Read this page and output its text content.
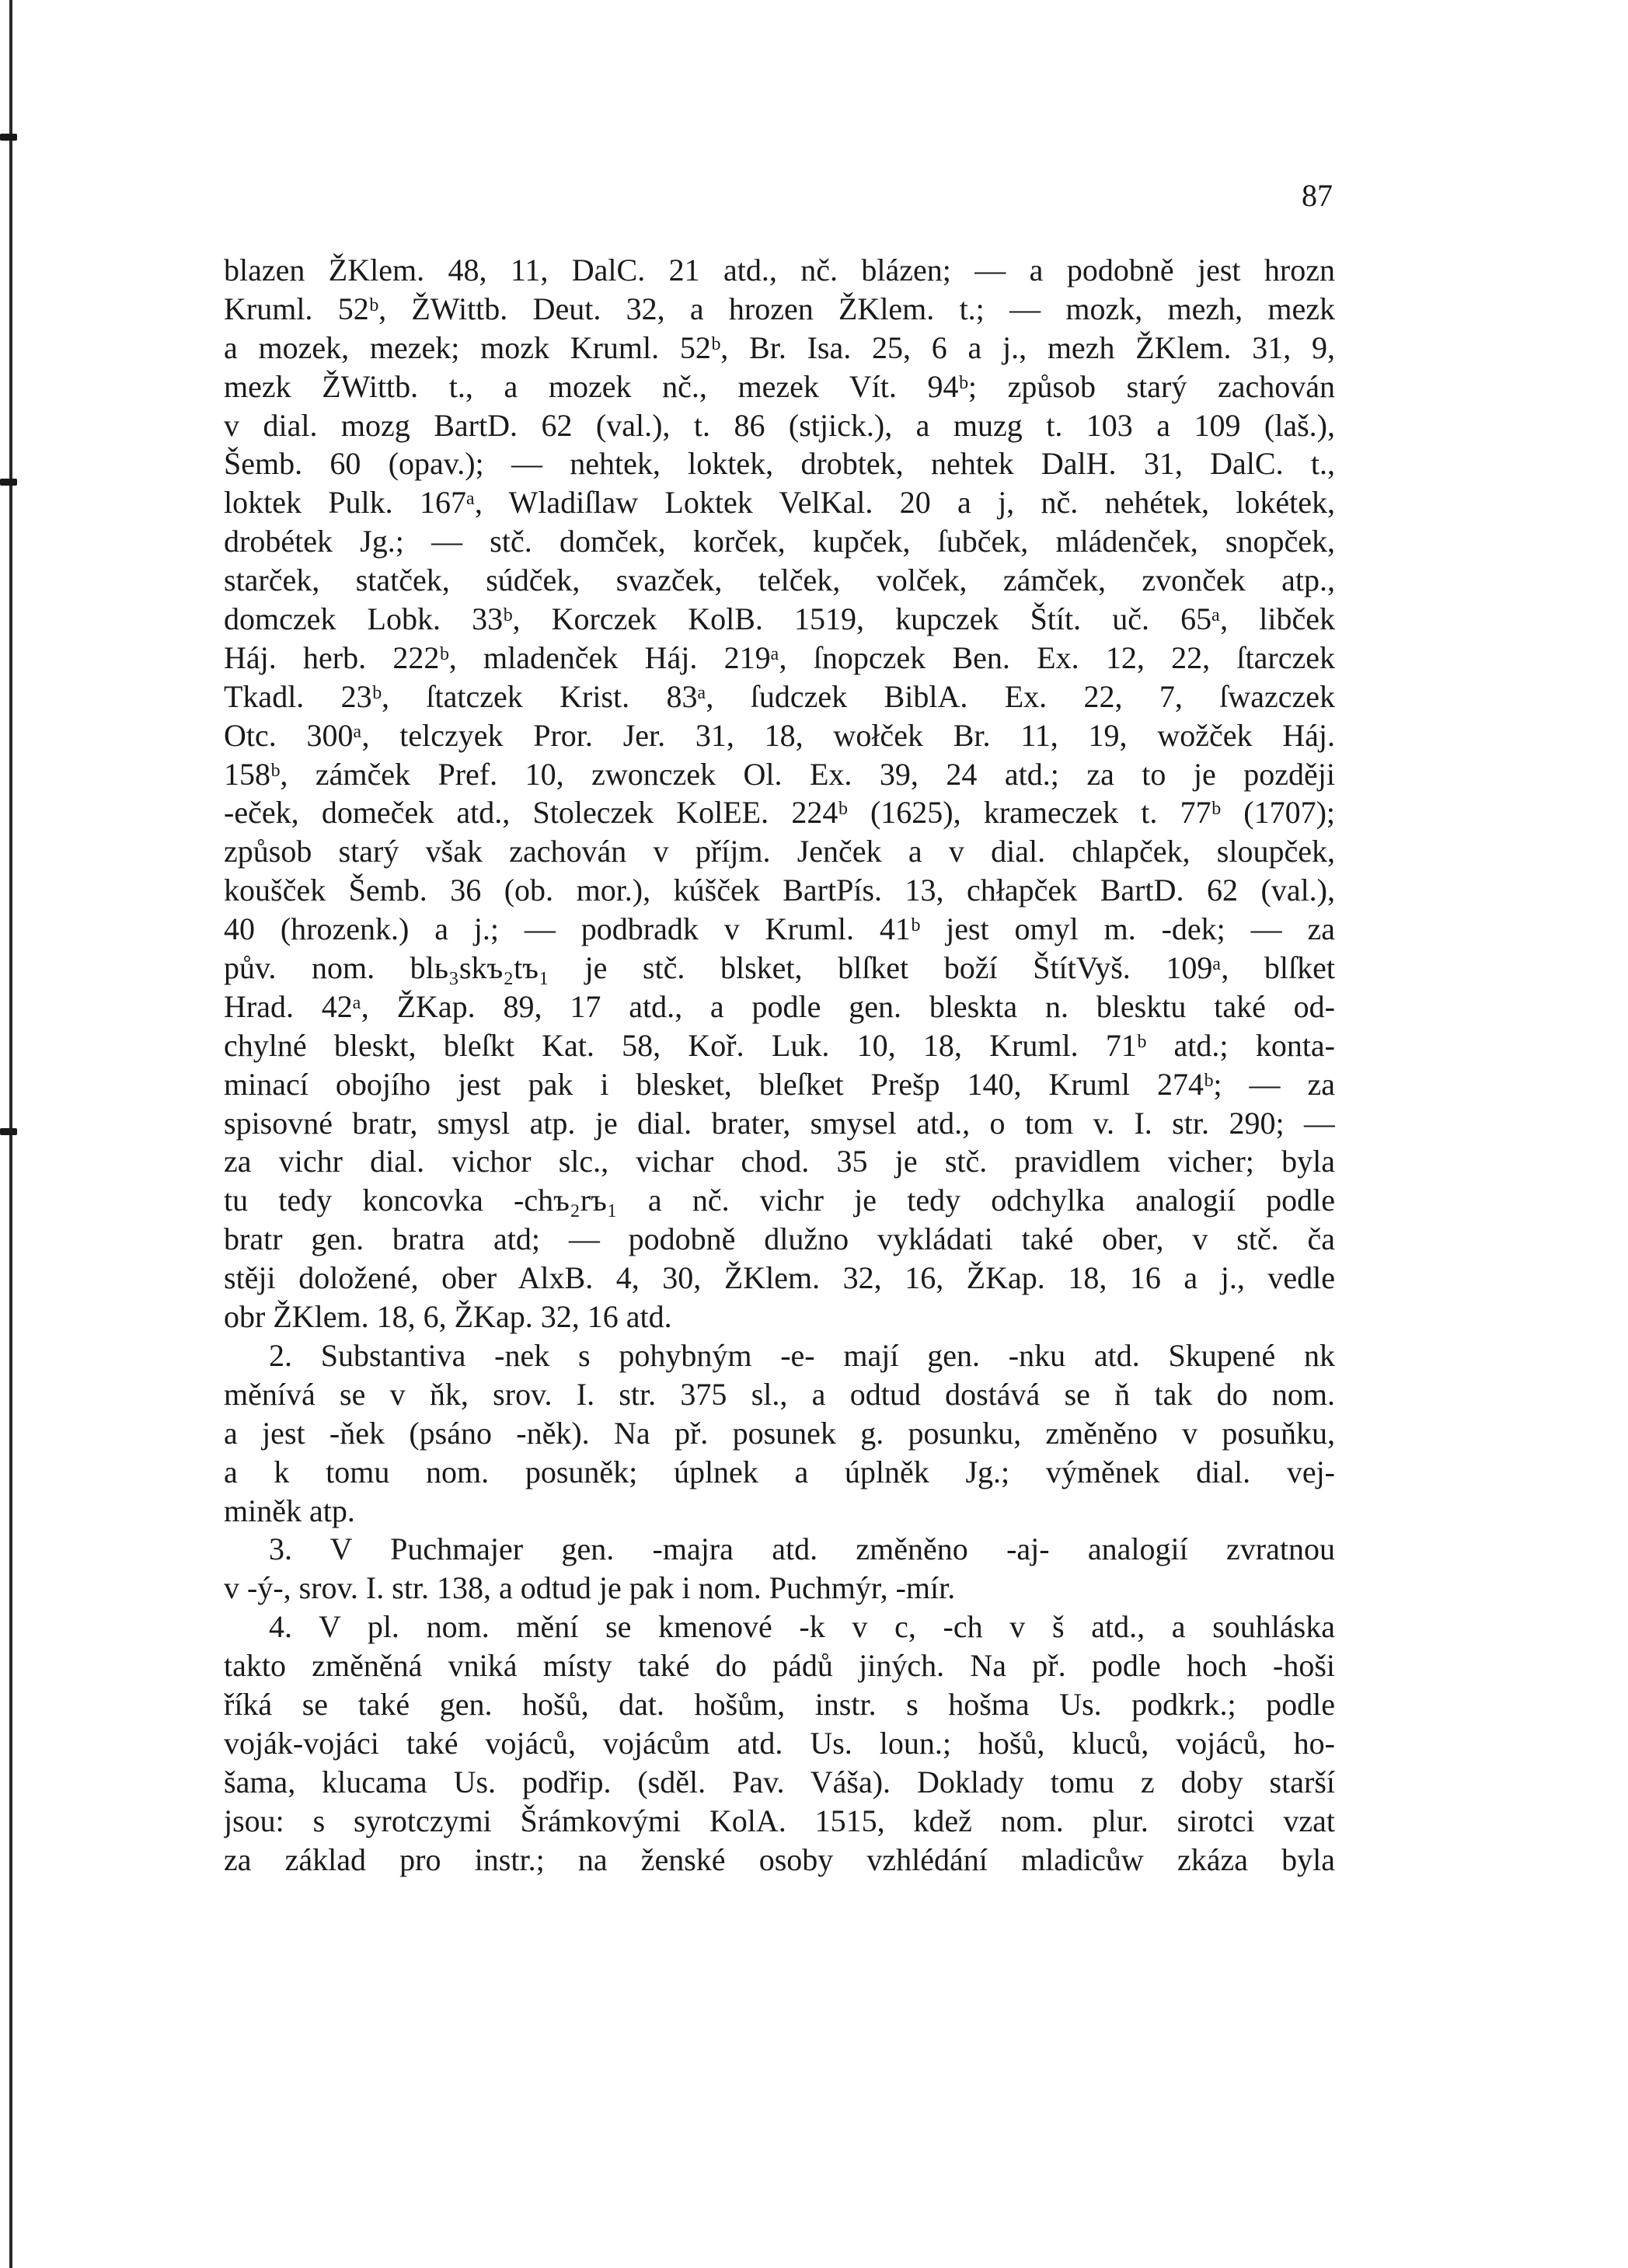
87
blazen ŽKlem. 48, 11, DalC. 21 atd., nč. blázen; — a podobně jest hrozn
Kruml. 52ᵇ, ŽWittb. Deut. 32, a hrozen ŽKlem. t.; — mozk, mezh, mezk
a mozek, mezek; mozk Kruml. 52ᵇ, Br. Isa. 25, 6 a j., mezh ŽKlem. 31, 9,
mezk ŽWittb. t., a mozek nč., mezek Vít. 94ᵇ; způsob starý zachován
v dial. mozg BartD. 62 (val.), t. 86 (stjick.), a muzg t. 103 a 109 (laš.),
Šemb. 60 (opav.); — nehtek, loktek, drobtek, nehtek DalH. 31, DalC. t.,
loktek Pulk. 167ᵃ, Wladiſlaw Loktek VelKal. 20 a j, nč. nehétek, lokétek,
drobétek Jg.; — stč. domček, korček, kupček, ſubček, mládenček, snopček,
starček, statček, súdček, svazček, telček, volček, zámček, zvonček atp.,
domczek Lobk. 33ᵇ, Korczek KolB. 1519, kupczek Štít. uč. 65ᵃ, libček
Háj. herb. 222ᵇ, mladenček Háj. 219ᵃ, ſnopczek Ben. Ex. 12, 22, ſtarczek
Tkadl. 23ᵇ, ſtatczek Krist. 83ᵃ, ſudczek BiblA. Ex. 22, 7, ſwazczek
Otc. 300ᵃ, telczyek Pror. Jer. 31, 18, wołček Br. 11, 19, wožček Háj.
158ᵇ, zámček Pref. 10, zwonczek Ol. Ex. 39, 24 atd.; za to je později
-eček, domeček atd., Stoleczek KolEE. 224ᵇ (1625), krameczek t. 77ᵇ (1707);
způsob starý však zachován v příjm. Jenček a v dial. chlapček, sloupček,
koušček Šemb. 36 (ob. mor.), kúšček BartPís. 13, chłapček BartD. 62 (val.),
40 (hrozenk.) a j.; — podbradk v Kruml. 41ᵇ jest omyl m. -dek; — za
pův. nom. blь₃skъ₂tъ₁ je stč. blsket, blſket boží ŠtítVyš. 109ᵃ, blſket
Hrad. 42ᵃ, ŽKap. 89, 17 atd., a podle gen. bleskta n. blesktu také od-
chylné bleskt, bleſkt Kat. 58, Koř. Luk. 10, 18, Kruml. 71ᵇ atd.; konta-
minací obojího jest pak i blesket, bleſket Prešp 140, Kruml 274ᵇ; — za
spisovné bratr, smysl atp. je dial. brater, smysel atd., o tom v. I. str. 290; —
za vichr dial. vichor slc., vichar chod. 35 je stč. pravidlem vicher; byla
tu tedy koncovka -chъ₂rъ₁ a nč. vichr je tedy odchylka analogií podle
bratr gen. bratra atd; — podobně dlužno vykládati také ober, v stč. ča
stěji doložené, ober AlxB. 4, 30, ŽKlem. 32, 16, ŽKap. 18, 16 a j., vedle
obr ŽKlem. 18, 6, ŽKap. 32, 16 atd.
2. Substantiva -nek s pohybným -e- mají gen. -nku atd. Skupené nk
měnívá se v ňk, srov. I. str. 375 sl., a odtud dostává se ň tak do nom.
a jest -ňek (psáno -něk). Na př. posunek g. posunku, změněno v posuňku,
a k tomu nom. posuněk; úplnek a úplněk Jg.; výměnek dial. vej-
miněk atp.
3. V Puchmajer gen. -majra atd. změněno -aj- analogií zvratnou
v -ý-, srov. I. str. 138, a odtud je pak i nom. Puchmýr, -mír.
4. V pl. nom. mění se kmenové -k v c, -ch v š atd., a souhláska
takto změněná vniká místy také do pádů jiných. Na př. podle hoch -hoši
říká se také gen. hošů, dat. hošům, instr. s hošma Us. podkrk.; podle
voják-vojáci také vojáců, vojácům atd. Us. loun.; hošů, kluců, vojáců, ho-
šama, klucama Us. podřip. (sděl. Pav. Váša). Doklady tomu z doby starší
jsou: s syrotczymi Šrámkovými KolA. 1515, kdež nom. plur. sirotci vzat
za základ pro instr.; na ženské osoby vzhlédání mladicůw zkáza byla
